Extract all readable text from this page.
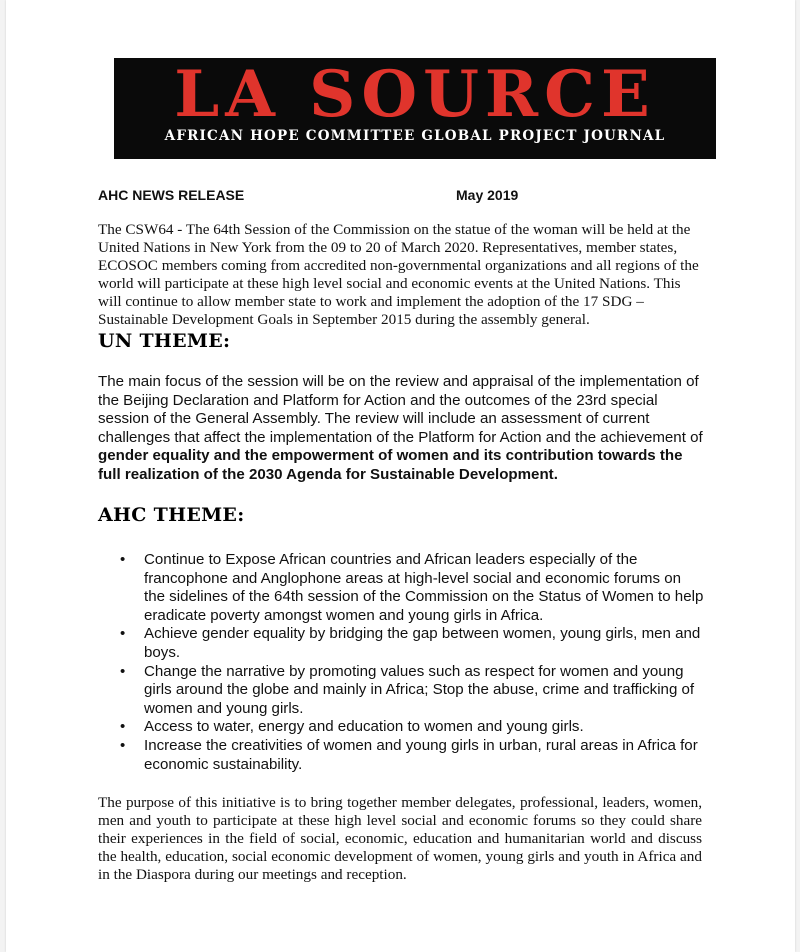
LA SOURCE
AFRICAN HOPE COMMITTEE GLOBAL PROJECT JOURNAL
AHC NEWS RELEASE	May 2019

The CSW64 - The 64th Session of the Commission on the statue of the woman will be held at the United Nations in New York from the 09 to 20 of March 2020. Representatives, member states, ECOSOC members coming from accredited non-governmental organizations and all regions of the world will participate at these high level social and economic events at the United Nations. This will continue to allow member state to work and implement the adoption of the 17 SDG – Sustainable Development Goals in September 2015 during the assembly general.

UN THEME:

The main focus of the session will be on the review and appraisal of the implementation of the Beijing Declaration and Platform for Action and the outcomes of the 23rd special session of the General Assembly. The review will include an assessment of current challenges that affect the implementation of the Platform for Action and the achievement of gender equality and the empowerment of women and its contribution towards the full realization of the 2030 Agenda for Sustainable Development.

AHC THEME:
• Continue to Expose African countries and African leaders especially of the francophone and Anglophone areas at high-level social and economic forums on the sidelines of the 64th session of the Commission on the Status of Women to help eradicate poverty amongst women and young girls in Africa.
• Achieve gender equality by bridging the gap between women, young girls, men and boys.
• Change the narrative by promoting values such as respect for women and young girls around the globe and mainly in Africa; Stop the abuse, crime and trafficking of women and young girls.
• Access to water, energy and education to women and young girls.
• Increase the creativities of women and young girls in urban, rural areas in Africa for economic sustainability.

The purpose of this initiative is to bring together member delegates, professional, leaders, women, men and youth to participate at these high level social and economic forums so they could share their experiences in the field of social, economic, education and humanitarian world and discuss the health, education, social economic development of women, young girls and youth in Africa and in the Diaspora during our meetings and reception.
